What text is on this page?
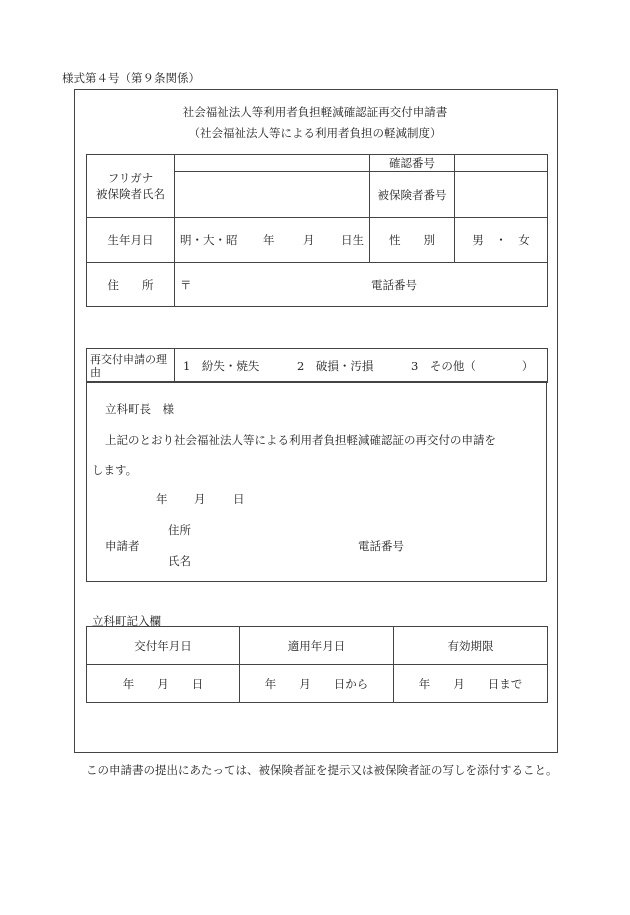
様式第４号（第９条関係）
社会福祉法人等利用者負担軽減確認証再交付申請書
（社会福祉法人等による利用者負担の軽減制度）
フリガナ
被保険者氏名		確認番号	
		被保険者番号	
生年月日	明・大・昭 年 月 日生	性　　別	男　・　女
住　　所	〒 電話番号		
再交付申請の理由	1　紛失・焼失	2　破損・汚損	3　その他（　　　　）
立科町長　様
上記のとおり社会福祉法人等による利用者負担軽減確認証の再交付の申請を
します。
年 月 日
住所
申請者	電話番号
氏名
立科町記入欄
交付年月日	適用年月日	有効期限
年　　月　　日	年　　月　　日から	年　　月　　日まで
この申請書の提出にあたっては、被保険者証を提示又は被保険者証の写しを添付すること。
